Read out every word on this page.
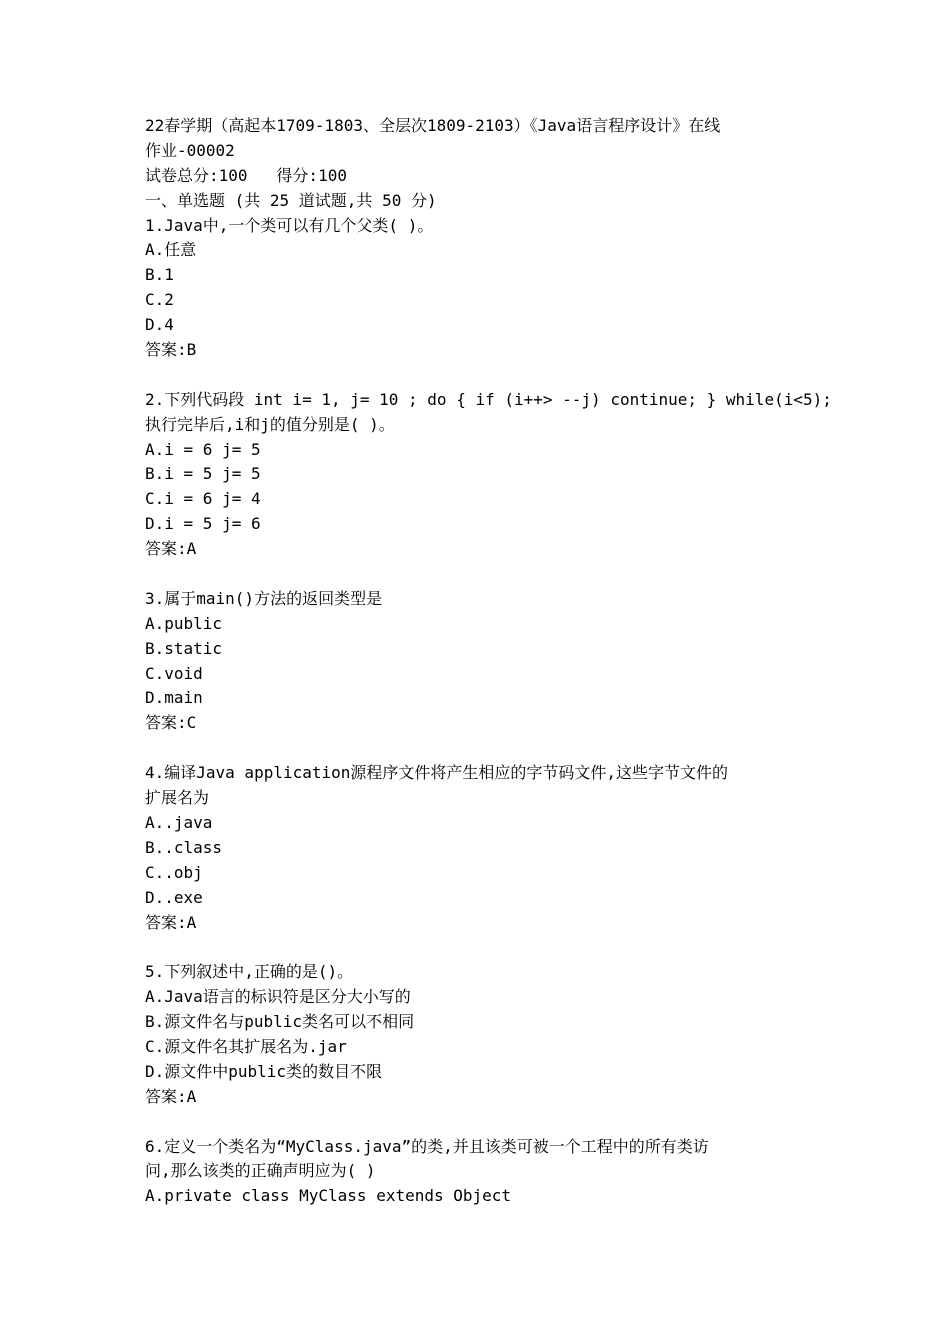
22春学期（高起本1709-1803、全层次1809-2103）《Java语言程序设计》在线
作业-00002
试卷总分:100   得分:100
一、单选题 (共 25 道试题,共 50 分)
1.Java中,一个类可以有几个父类( )。
A.任意
B.1
C.2
D.4
答案:B
2.下列代码段 int i= 1, j= 10 ; do { if (i++> --j) continue; } while(i<5);
执行完毕后,i和j的值分别是( )。
A.i = 6 j= 5
B.i = 5 j= 5
C.i = 6 j= 4
D.i = 5 j= 6
答案:A
3.属于main()方法的返回类型是
A.public
B.static
C.void
D.main
答案:C
4.编译Java application源程序文件将产生相应的字节码文件,这些字节文件的
扩展名为
A..java
B..class
C..obj
D..exe
答案:A
5.下列叙述中,正确的是()。
A.Java语言的标识符是区分大小写的
B.源文件名与public类名可以不相同
C.源文件名其扩展名为.jar
D.源文件中public类的数目不限
答案:A
6.定义一个类名为“MyClass.java”的类,并且该类可被一个工程中的所有类访
问,那么该类的正确声明应为( )
A.private class MyClass extends Object
